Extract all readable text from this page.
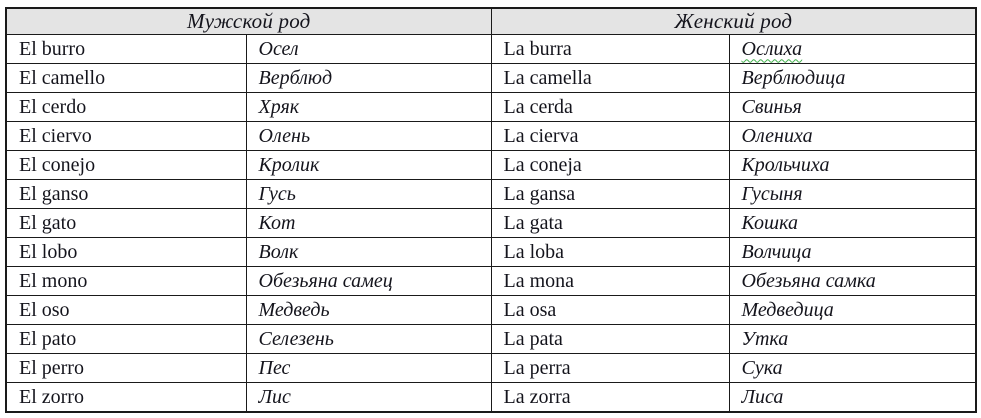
Мужской род		Женский род	
El burro	Осел	La burra	Ослиха
El camello	Верблюд	La camella	Верблюдица
El cerdo	Хряк	La cerda	Свинья
El ciervo	Олень	La cierva	Олениха
El conejo	Кролик	La coneja	Крольчиха
El ganso	Гусь	La gansa	Гусыня
El gato	Кот	La gata	Кошка
El lobo	Волк	La loba	Волчица
El mono	Обезьяна самец	La mona	Обезьяна самка
El oso	Медведь	La osa	Медведица
El pato	Селезень	La pata	Утка
El perro	Пес	La perra	Сука
El zorro	Лис	La zorra	Лиса
